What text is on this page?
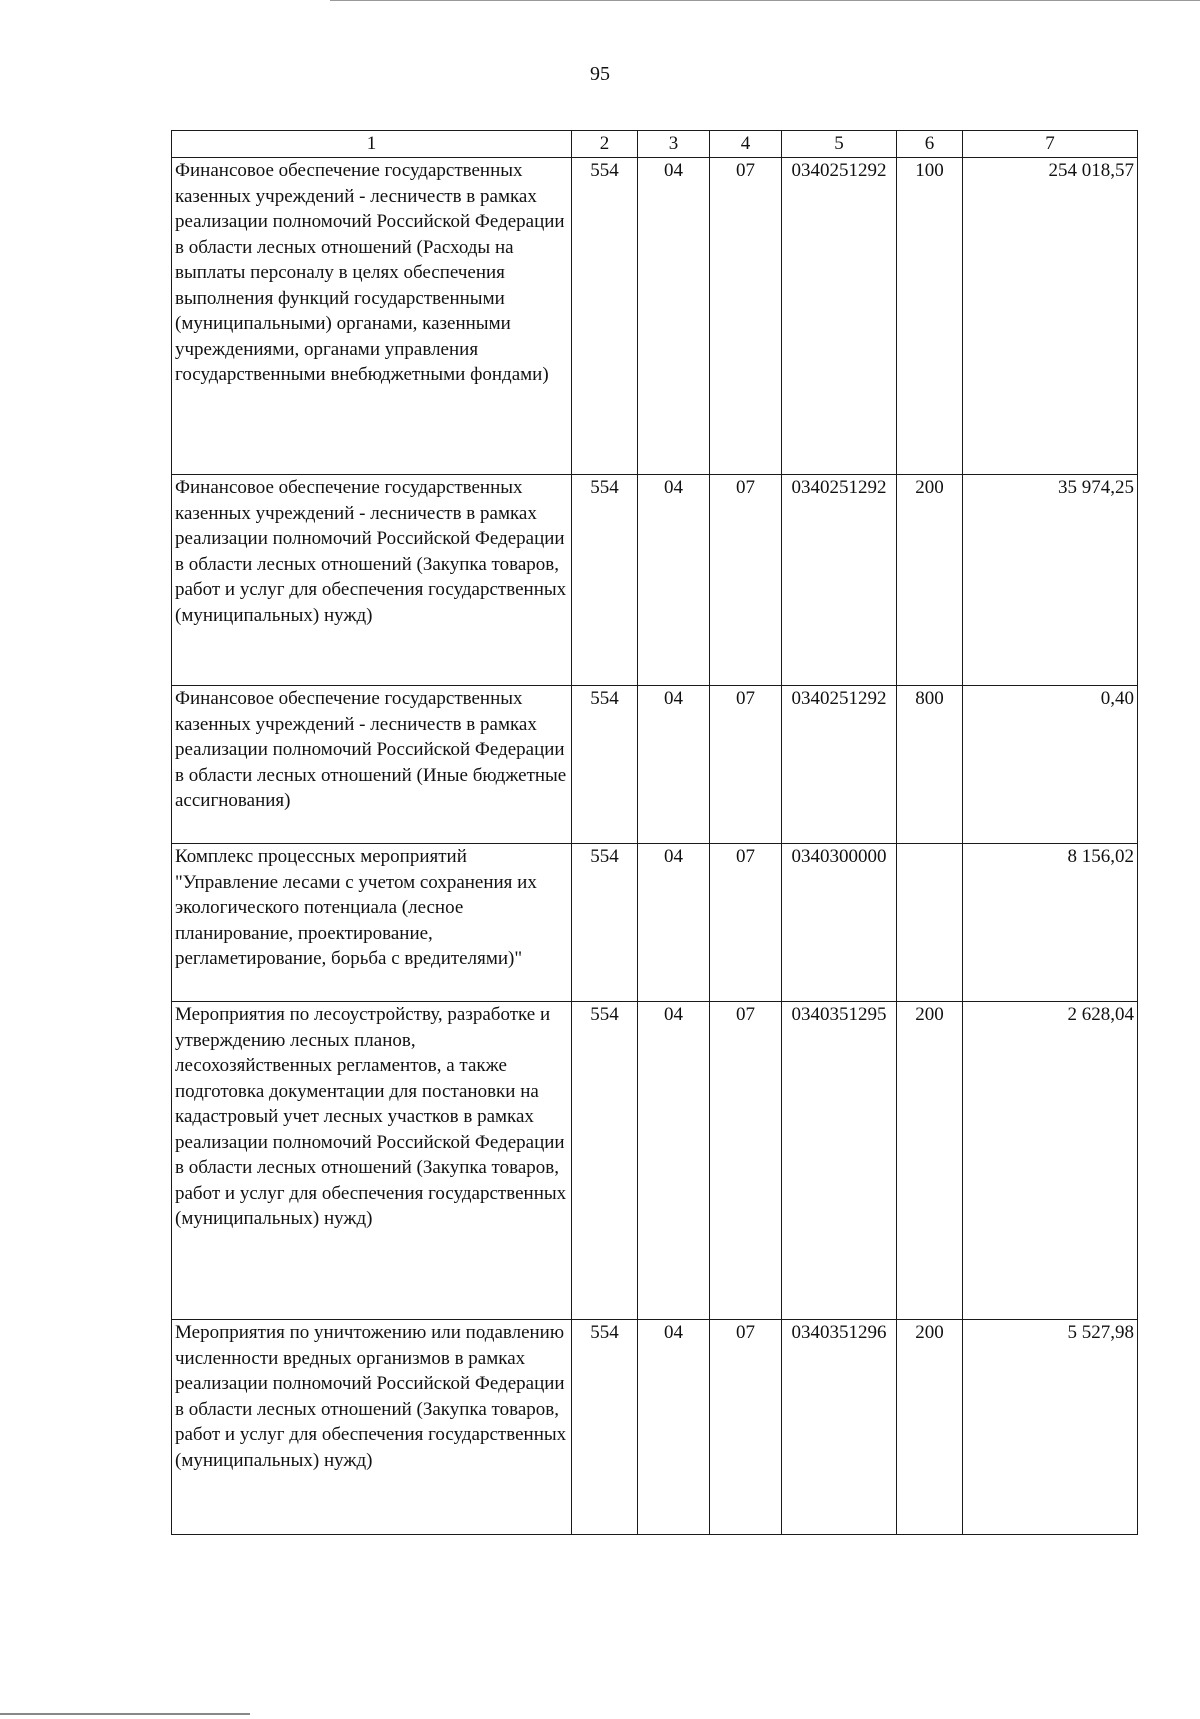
95
1	2	3	4	5	6	7
Финансовое обеспечение государственных казенных учреждений - лесничеств в рамках реализации полномочий Российской Федерации в области лесных отношений (Расходы на выплаты персоналу в целях обеспечения выполнения функций государственными (муниципальными) органами, казенными учреждениями, органами управления государственными внебюджетными фондами)	554	04	07	0340251292	100	254 018,57
Финансовое обеспечение государственных казенных учреждений - лесничеств в рамках реализации полномочий Российской Федерации в области лесных отношений (Закупка товаров, работ и услуг для обеспечения государственных (муниципальных) нужд)	554	04	07	0340251292	200	35 974,25
Финансовое обеспечение государственных казенных учреждений - лесничеств в рамках реализации полномочий Российской Федерации в области лесных отношений (Иные бюджетные ассигнования)	554	04	07	0340251292	800	0,40
Комплекс процессных мероприятий "Управление лесами с учетом сохранения их экологического потенциала (лесное планирование, проектирование, регламетирование, борьба с вредителями)"	554	04	07	0340300000		8 156,02
Мероприятия по лесоустройству, разработке и утверждению лесных планов, лесохозяйственных регламентов, а также подготовка документации для постановки на кадастровый учет лесных участков в рамках реализации полномочий Российской Федерации в области лесных отношений (Закупка товаров, работ и услуг для обеспечения государственных (муниципальных) нужд)	554	04	07	0340351295	200	2 628,04
Мероприятия по уничтожению или подавлению численности вредных организмов в рамках реализации полномочий Российской Федерации в области лесных отношений (Закупка товаров, работ и услуг для обеспечения государственных (муниципальных) нужд)	554	04	07	0340351296	200	5 527,98
